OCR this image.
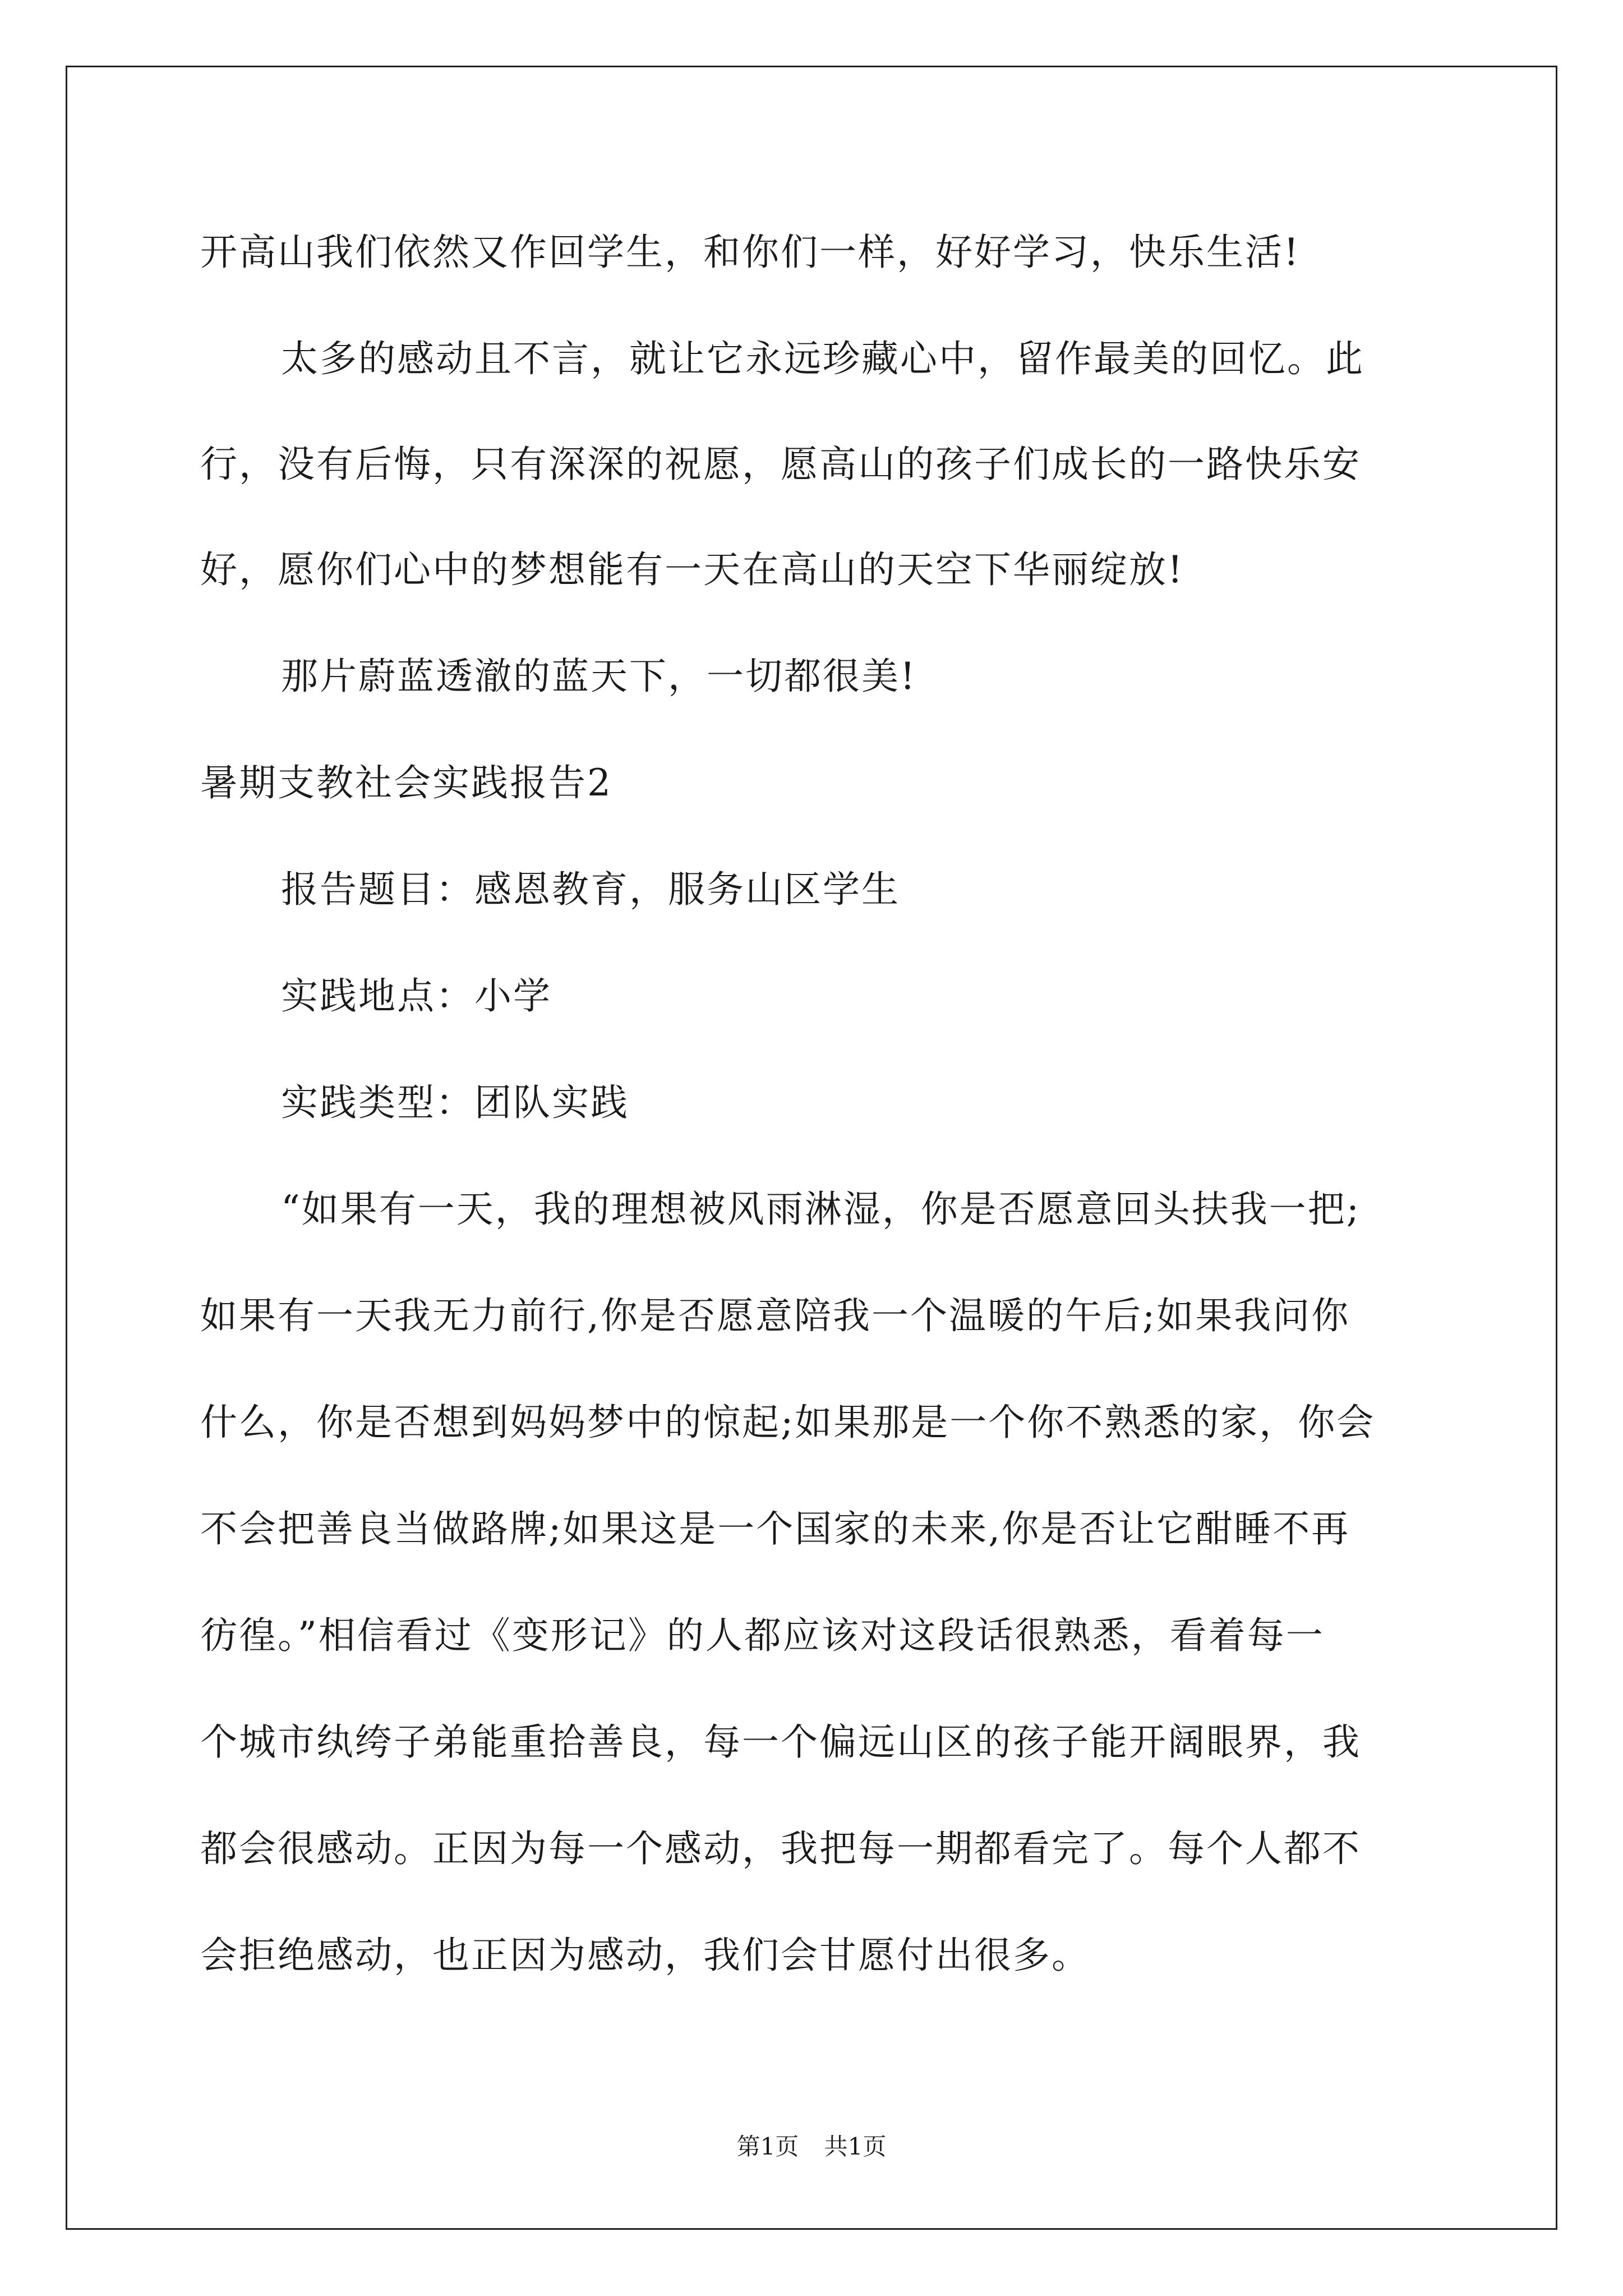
开高山我们依然又作回学生，和你们一样，好好学习，快乐生活!
太多的感动且不言，就让它永远珍藏心中，留作最美的回忆。此
行，没有后悔，只有深深的祝愿，愿高山的孩子们成长的一路快乐安
好，愿你们心中的梦想能有一天在高山的天空下华丽绽放!
那片蔚蓝透澈的蓝天下，一切都很美!
暑期支教社会实践报告2
报告题目：感恩教育，服务山区学生
实践地点：小学
实践类型：团队实践
“如果有一天，我的理想被风雨淋湿，你是否愿意回头扶我一把;
如果有一天我无力前行,你是否愿意陪我一个温暖的午后;如果我问你
什么，你是否想到妈妈梦中的惊起;如果那是一个你不熟悉的家，你会
不会把善良当做路牌;如果这是一个国家的未来,你是否让它酣睡不再
彷徨。”相信看过《变形记》的人都应该对这段话很熟悉，看着每一
个城市纨绔子弟能重拾善良，每一个偏远山区的孩子能开阔眼界，我
都会很感动。正因为每一个感动，我把每一期都看完了。每个人都不
会拒绝感动，也正因为感动，我们会甘愿付出很多。
第1页 共1页
